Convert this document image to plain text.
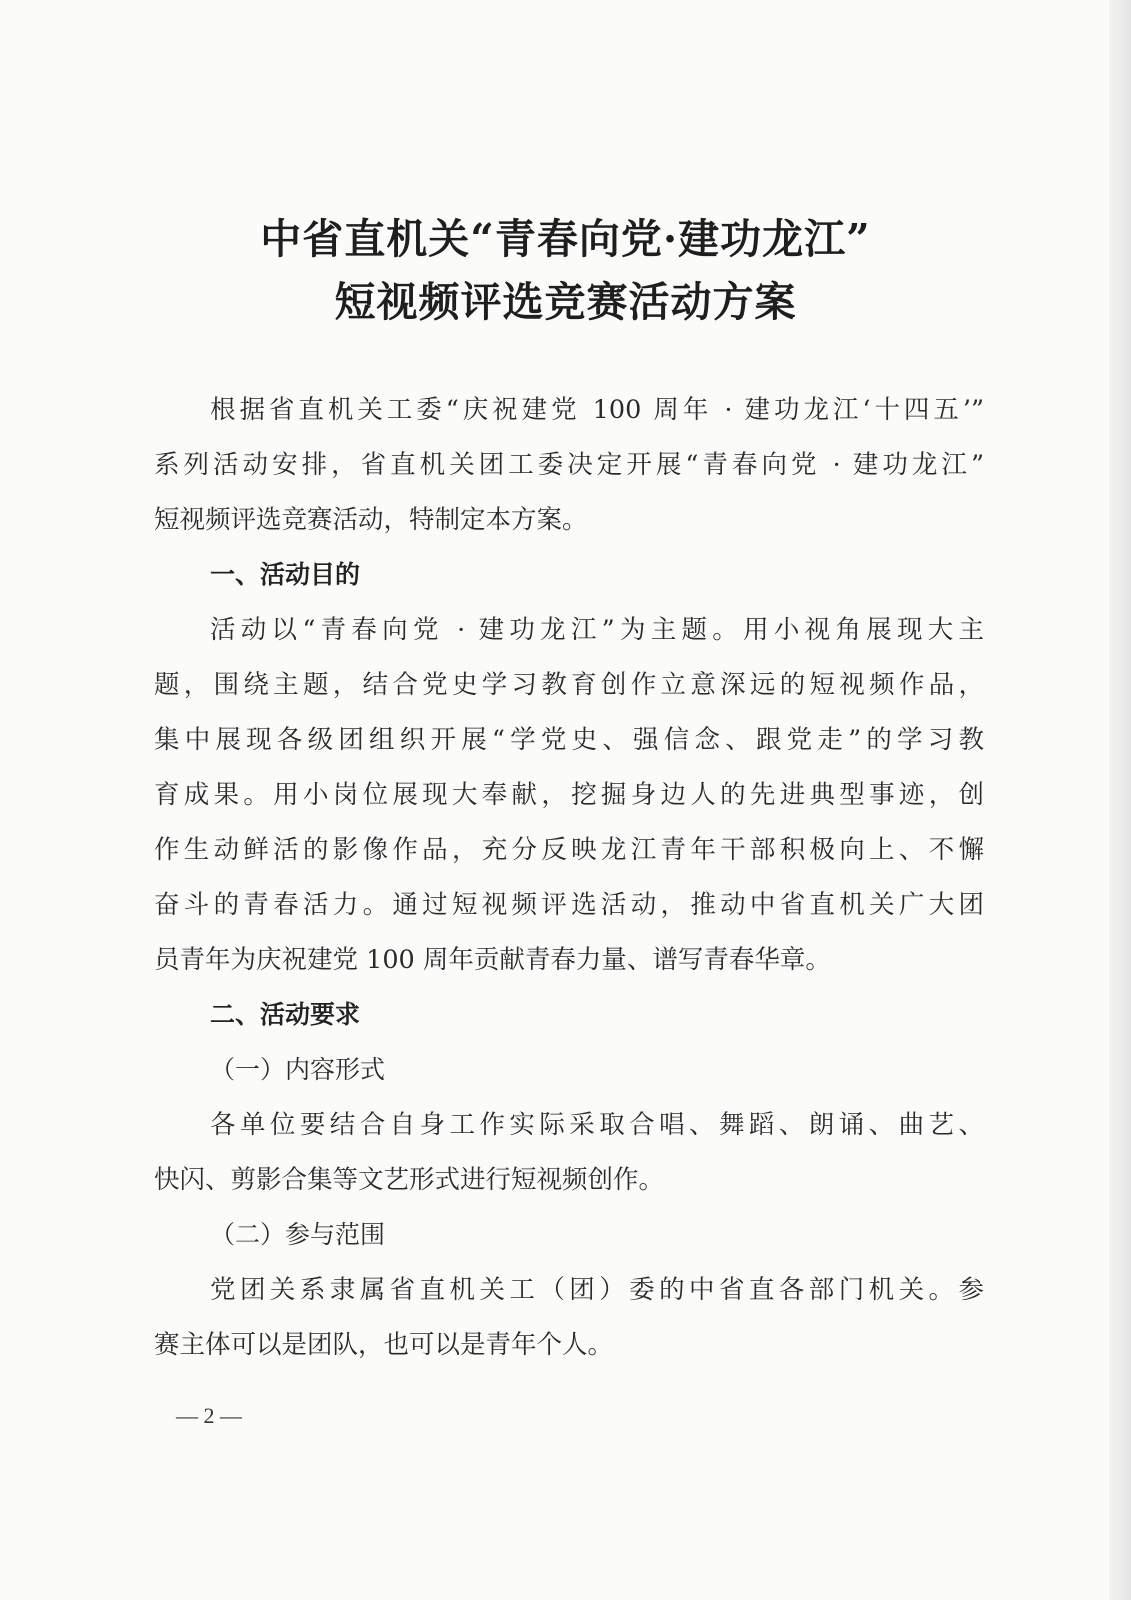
中省直机关“青春向党·建功龙江”
短视频评选竞赛活动方案
根据省直机关工委“庆祝建党 100 周年 · 建功龙江‘十四五’”
系列活动安排，省直机关团工委决定开展“青春向党 · 建功龙江”
短视频评选竞赛活动，特制定本方案。
一、活动目的
活动以“青春向党 · 建功龙江”为主题。用小视角展现大主
题，围绕主题，结合党史学习教育创作立意深远的短视频作品，
集中展现各级团组织开展“学党史、强信念、跟党走”的学习教
育成果。用小岗位展现大奉献，挖掘身边人的先进典型事迹，创
作生动鲜活的影像作品，充分反映龙江青年干部积极向上、不懈
奋斗的青春活力。通过短视频评选活动，推动中省直机关广大团
员青年为庆祝建党 100 周年贡献青春力量、谱写青春华章。
二、活动要求
（一）内容形式
各单位要结合自身工作实际采取合唱、舞蹈、朗诵、曲艺、
快闪、剪影合集等文艺形式进行短视频创作。
（二）参与范围
党团关系隶属省直机关工（团）委的中省直各部门机关。参
赛主体可以是团队，也可以是青年个人。
— 2 —
